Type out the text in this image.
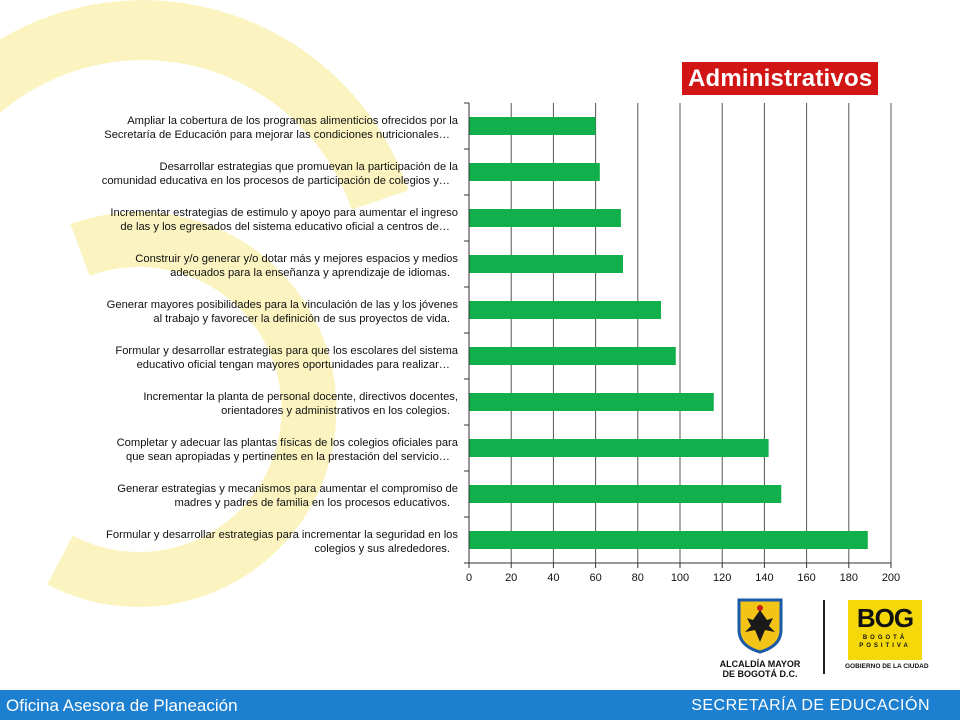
Administrativos
0	20	40	60	80 100 120 140 160 180 200
Ampliar la cobertura de los programas alimenticios ofrecidos por la Secretaría de Educación para mejorar las condiciones nutricionales…
Desarrollar estrategias que promuevan la participación de la comunidad educativa en los procesos de participación de colegios y…
Incrementar estrategias de estimulo y apoyo para aumentar el ingreso de las y los egresados del sistema educativo oficial a centros de…
Construir y/o generar y/o dotar más y mejores espacios y medios adecuados para la enseñanza y aprendizaje de idiomas.
Generar mayores posibilidades para la vinculación de las y los jóvenes al trabajo y favorecer la definición de sus proyectos de vida.
Formular y desarrollar estrategias para que los escolares del sistema educativo oficial tengan mayores oportunidades para realizar…
Incrementar la planta de personal docente, directivos docentes, orientadores y administrativos en los colegios.
Completar y adecuar las plantas físicas de los colegios oficiales para que sean apropiadas y pertinentes en la prestación del servicio…
Generar estrategias y mecanismos para aumentar el compromiso de madres y padres de familia en los procesos educativos.
Formular y desarrollar estrategias para incrementar la seguridad en los colegios y sus alrededores.
ALCALDÍA MAYOR
DE BOGOTÁ D.C.
BOG
BOGOTÁ POSITIVA
GOBIERNO DE LA CIUDAD
Oficina Asesora de Planeación	SECRETARÍA DE EDUCACIÓN
